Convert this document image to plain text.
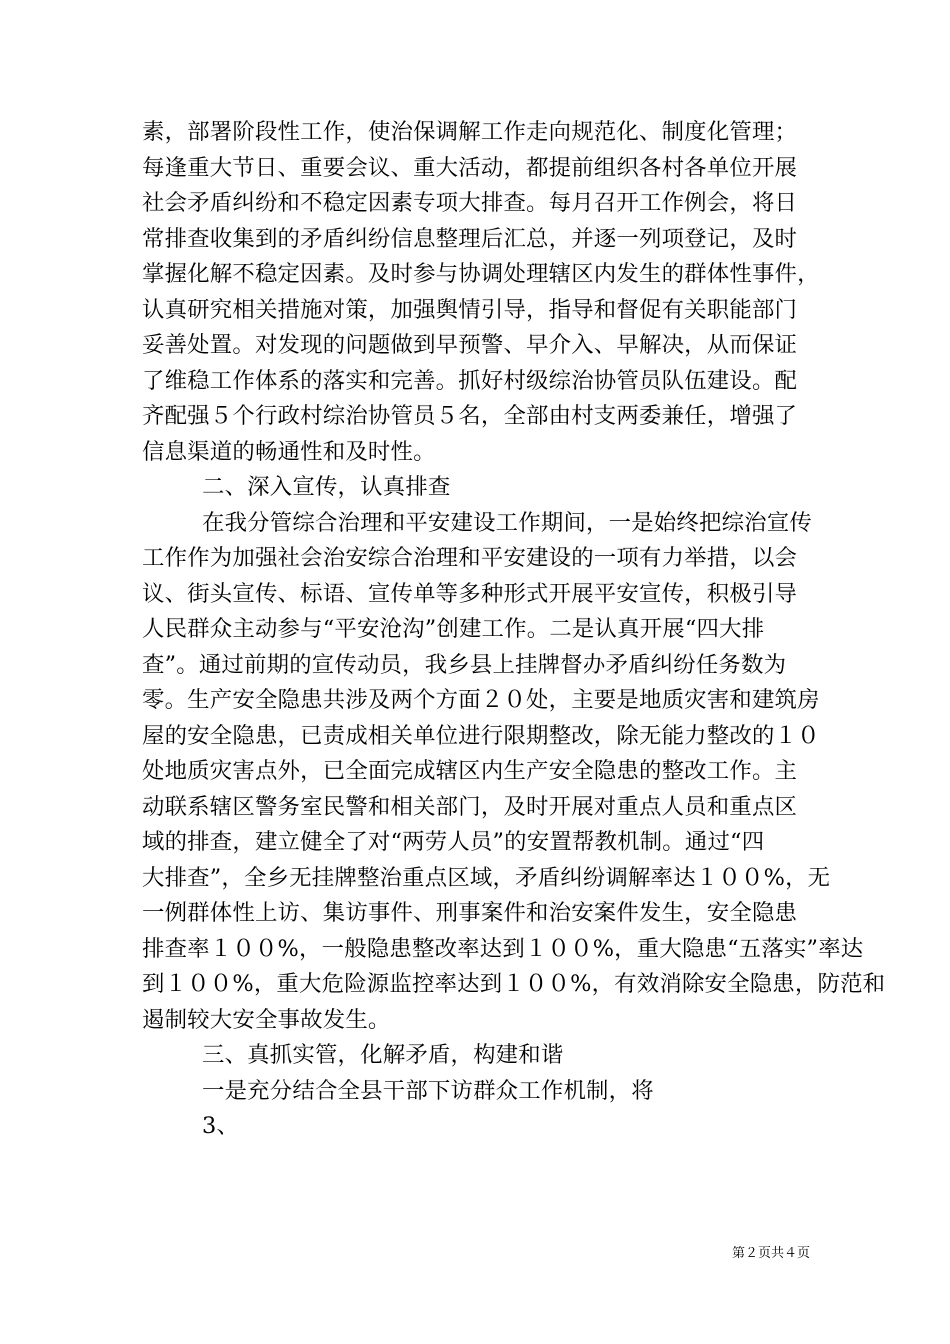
素，部署阶段性工作，使治保调解工作走向规范化、制度化管理；
每逢重大节日、重要会议、重大活动，都提前组织各村各单位开展
社会矛盾纠纷和不稳定因素专项大排查。每月召开工作例会，将日
常排查收集到的矛盾纠纷信息整理后汇总，并逐一列项登记，及时
掌握化解不稳定因素。及时参与协调处理辖区内发生的群体性事件，
认真研究相关措施对策，加强舆情引导，指导和督促有关职能部门
妥善处置。对发现的问题做到早预警、早介入、早解决，从而保证
了维稳工作体系的落实和完善。抓好村级综治协管员队伍建设。配
齐配强５个行政村综治协管员５名，全部由村支两委兼任，增强了
信息渠道的畅通性和及时性。
二、深入宣传，认真排查
在我分管综合治理和平安建设工作期间，一是始终把综治宣传
工作作为加强社会治安综合治理和平安建设的一项有力举措，以会
议、街头宣传、标语、宣传单等多种形式开展平安宣传，积极引导
人民群众主动参与“平安沧沟”创建工作。二是认真开展“四大排
查”。通过前期的宣传动员，我乡县上挂牌督办矛盾纠纷任务数为
零。生产安全隐患共涉及两个方面２０处，主要是地质灾害和建筑房
屋的安全隐患，已责成相关单位进行限期整改，除无能力整改的１０
处地质灾害点外，已全面完成辖区内生产安全隐患的整改工作。主
动联系辖区警务室民警和相关部门，及时开展对重点人员和重点区
域的排查，建立健全了对“两劳人员”的安置帮教机制。通过“四
大排查”，全乡无挂牌整治重点区域，矛盾纠纷调解率达１００%，无
一例群体性上访、集访事件、刑事案件和治安案件发生，安全隐患
排查率１００%，一般隐患整改率达到１００%，重大隐患“五落实”率达
到１００%，重大危险源监控率达到１００%，有效消除安全隐患，防范和
遏制较大安全事故发生。
三、真抓实管，化解矛盾，构建和谐
一是充分结合全县干部下访群众工作机制，将
3、
第２页共４页
